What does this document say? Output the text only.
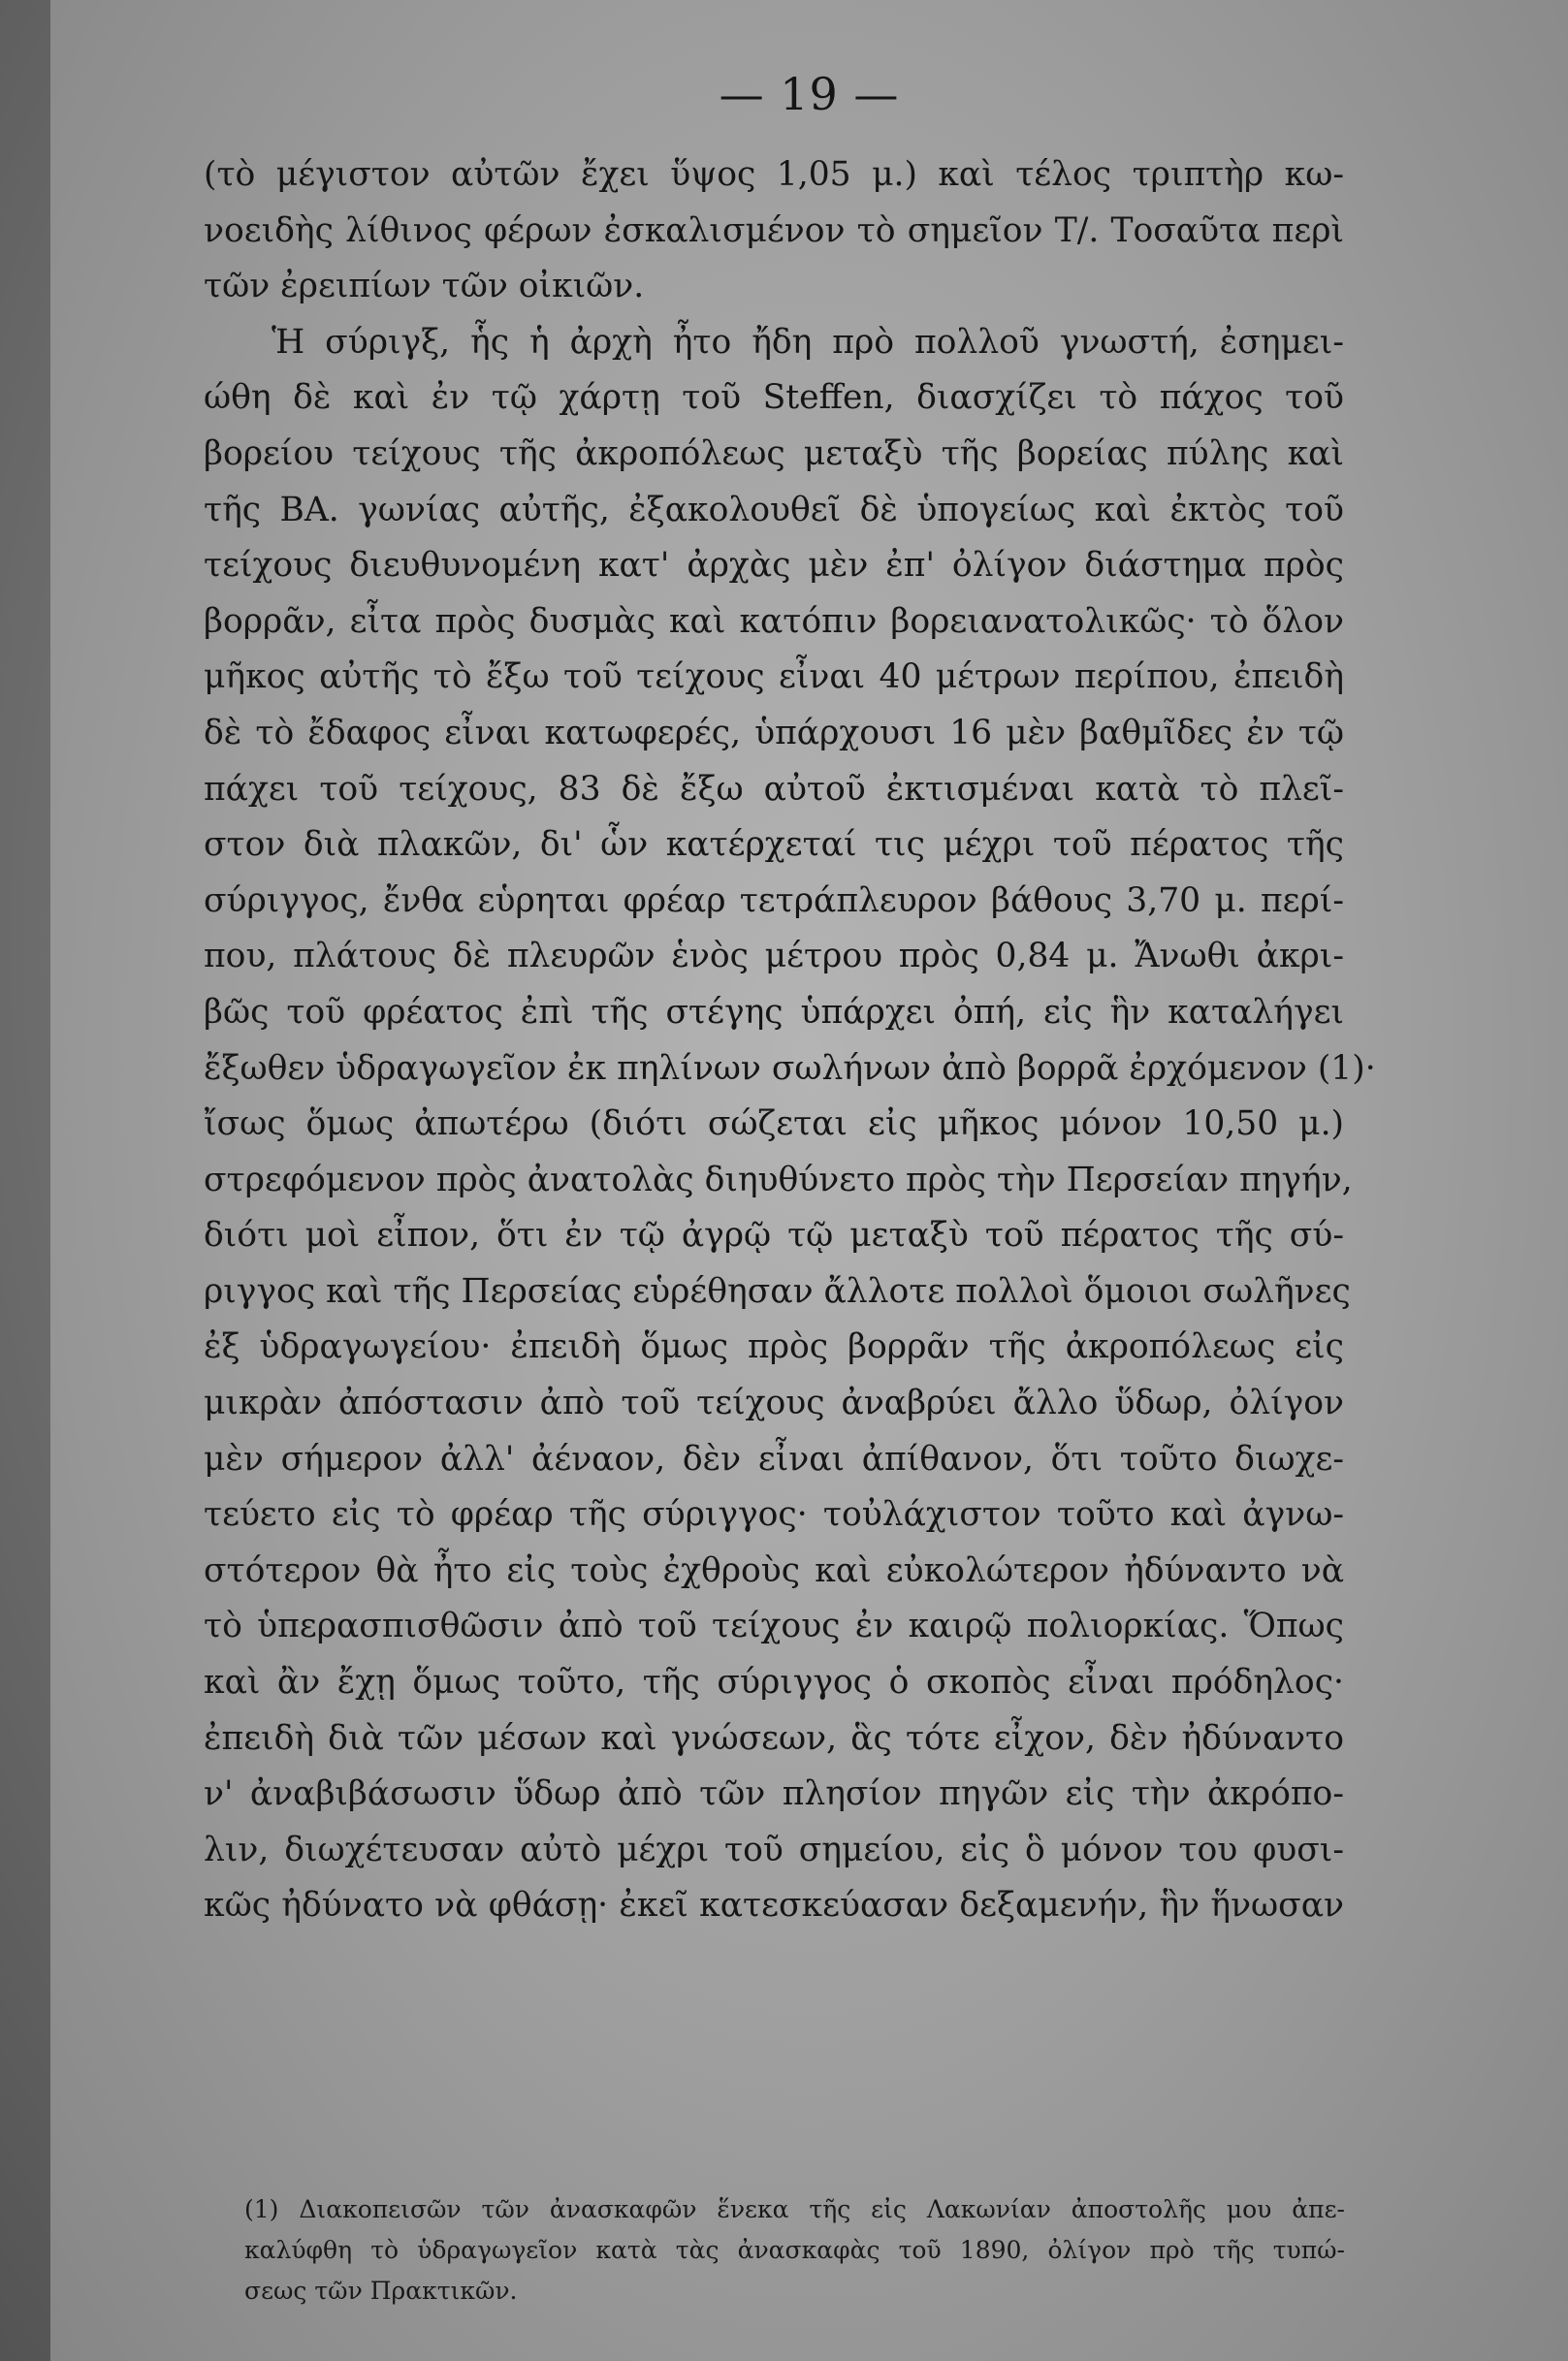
— 19 —
(τὸ μέγιστον αὐτῶν ἔχει ὕψος 1,05 μ.) καὶ τέλος τριπτὴρ κω-
νοειδὴς λίθινος φέρων ἐσκαλισμένον τὸ σημεῖον Τ/. Τοσαῦτα περὶ
τῶν ἐρειπίων τῶν οἰκιῶν.
Ἡ σύριγξ, ἧς ἡ ἀρχὴ ἦτο ἤδη πρὸ πολλοῦ γνωστή, ἐσημει-
ώθη δὲ καὶ ἐν τῷ χάρτῃ τοῦ Steffen, διασχίζει τὸ πάχος τοῦ
βορείου τείχους τῆς ἀκροπόλεως μεταξὺ τῆς βορείας πύλης καὶ
τῆς ΒΑ. γωνίας αὐτῆς, ἐξακολουθεῖ δὲ ὑπογείως καὶ ἐκτὸς τοῦ
τείχους διευθυνομένη κατ' ἀρχὰς μὲν ἐπ' ὀλίγον διάστημα πρὸς
βορρᾶν, εἶτα πρὸς δυσμὰς καὶ κατόπιν βορειανατολικῶς· τὸ ὅλον
μῆκος αὐτῆς τὸ ἔξω τοῦ τείχους εἶναι 40 μέτρων περίπου, ἐπειδὴ
δὲ τὸ ἔδαφος εἶναι κατωφερές, ὑπάρχουσι 16 μὲν βαθμῖδες ἐν τῷ
πάχει τοῦ τείχους, 83 δὲ ἔξω αὐτοῦ ἐκτισμέναι κατὰ τὸ πλεῖ-
στον διὰ πλακῶν, δι' ὧν κατέρχεταί τις μέχρι τοῦ πέρατος τῆς
σύριγγος, ἔνθα εὑρηται φρέαρ τετράπλευρον βάθους 3,70 μ. περί-
που, πλάτους δὲ πλευρῶν ἑνὸς μέτρου πρὸς 0,84 μ. Ἄνωθι ἀκρι-
βῶς τοῦ φρέατος ἐπὶ τῆς στέγης ὑπάρχει ὀπή, εἰς ἣν καταλήγει
ἔξωθεν ὑδραγωγεῖον ἐκ πηλίνων σωλήνων ἀπὸ βορρᾶ ἐρχόμενον (1)·
ἴσως ὅμως ἀπωτέρω (διότι σώζεται εἰς μῆκος μόνον 10,50 μ.)
στρεφόμενον πρὸς ἀνατολὰς διηυθύνετο πρὸς τὴν Περσείαν πηγήν,
διότι μοὶ εἶπον, ὅτι ἐν τῷ ἀγρῷ τῷ μεταξὺ τοῦ πέρατος τῆς σύ-
ριγγος καὶ τῆς Περσείας εὑρέθησαν ἄλλοτε πολλοὶ ὅμοιοι σωλῆνες
ἐξ ὑδραγωγείου· ἐπειδὴ ὅμως πρὸς βορρᾶν τῆς ἀκροπόλεως εἰς
μικρὰν ἀπόστασιν ἀπὸ τοῦ τείχους ἀναβρύει ἄλλο ὕδωρ, ὀλίγον
μὲν σήμερον ἀλλ' ἀέναον, δὲν εἶναι ἀπίθανον, ὅτι τοῦτο διωχε-
τεύετο εἰς τὸ φρέαρ τῆς σύριγγος· τοὐλάχιστον τοῦτο καὶ ἀγνω-
στότερον θὰ ἦτο εἰς τοὺς ἐχθροὺς καὶ εὐκολώτερον ἠδύναντο νὰ
τὸ ὑπερασπισθῶσιν ἀπὸ τοῦ τείχους ἐν καιρῷ πολιορκίας. Ὅπως
καὶ ἂν ἔχῃ ὅμως τοῦτο, τῆς σύριγγος ὁ σκοπὸς εἶναι πρόδηλος·
ἐπειδὴ διὰ τῶν μέσων καὶ γνώσεων, ἃς τότε εἶχον, δὲν ἠδύναντο
ν' ἀναβιβάσωσιν ὕδωρ ἀπὸ τῶν πλησίον πηγῶν εἰς τὴν ἀκρόπο-
λιν, διωχέτευσαν αὐτὸ μέχρι τοῦ σημείου, εἰς ὃ μόνον του φυσι-
κῶς ἠδύνατο νὰ φθάσῃ· ἐκεῖ κατεσκεύασαν δεξαμενήν, ἣν ἥνωσαν
(1) Διακοπεισῶν τῶν ἀνασκαφῶν ἕνεκα τῆς εἰς Λακωνίαν ἀποστολῆς μου ἀπε-
καλύφθη τὸ ὑδραγωγεῖον κατὰ τὰς ἀνασκαφὰς τοῦ 1890, ὀλίγον πρὸ τῆς τυπώ-
σεως τῶν Πρακτικῶν.
